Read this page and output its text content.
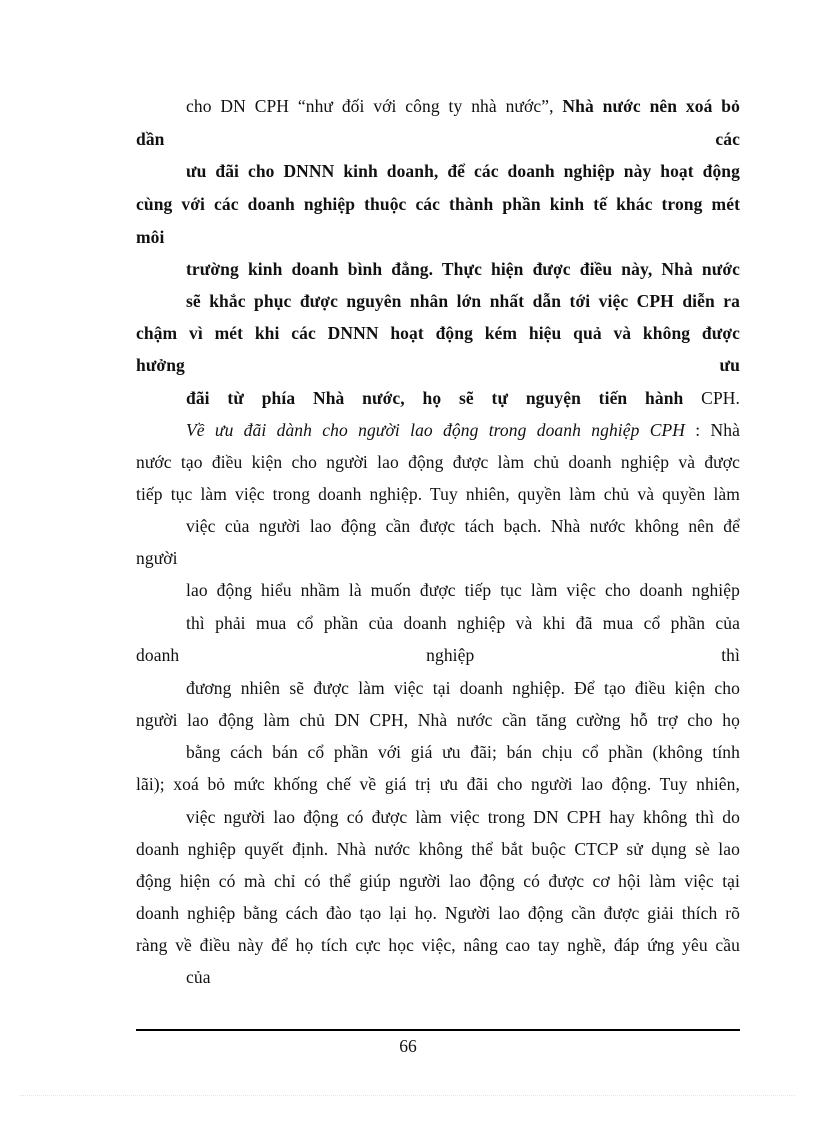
cho DN CPH “như đối với công ty nhà nước”, Nhà nước nên xoá bỏ
dần các
ưu đãi cho DNNN kinh doanh, để các doanh nghiệp này hoạt động
cùng với các doanh nghiệp thuộc các thành phần kinh tế khác trong mét
môi
trường kinh doanh bình đẳng. Thực hiện được điều này, Nhà nước
sẽ khắc phục được nguyên nhân lớn nhất dẫn tới việc CPH diễn ra
chậm vì mét khi các DNNN hoạt động kém hiệu quả và không được
hưởng ưu
đãi từ phía Nhà nước, họ sẽ tự nguyện tiến hành CPH.
Về ưu đãi dành cho người lao động trong doanh nghiệp CPH : Nhà
nước tạo điều kiện cho người lao động được làm chủ doanh nghiệp và được
tiếp tục làm việc trong doanh nghiệp. Tuy nhiên, quyền làm chủ và quyền làm
việc của người lao động cần được tách bạch. Nhà nước không nên để
người
lao động hiểu nhầm là muốn được tiếp tục làm việc cho doanh nghiệp
thì phải mua cổ phần của doanh nghiệp và khi đã mua cổ phần của
doanh nghiệp thì
đương nhiên sẽ được làm việc tại doanh nghiệp. Để tạo điều kiện cho
người lao động làm chủ DN CPH, Nhà nước cần tăng cường hỗ trợ cho họ
bằng cách bán cổ phần với giá ưu đãi; bán chịu cổ phần (không tính
lãi); xoá bỏ mức khống chế về giá trị ưu đãi cho người lao động. Tuy nhiên,
việc người lao động có được làm việc trong DN CPH hay không thì do
doanh nghiệp quyết định. Nhà nước không thể bắt buộc CTCP sử dụng sè lao
động hiện có mà chỉ có thể giúp người lao động có được cơ hội làm việc tại
doanh nghiệp bằng cách đào tạo lại họ. Người lao động cần được giải thích rõ
ràng về điều này để họ tích cực học việc, nâng cao tay nghề, đáp ứng yêu cầu
của
66
